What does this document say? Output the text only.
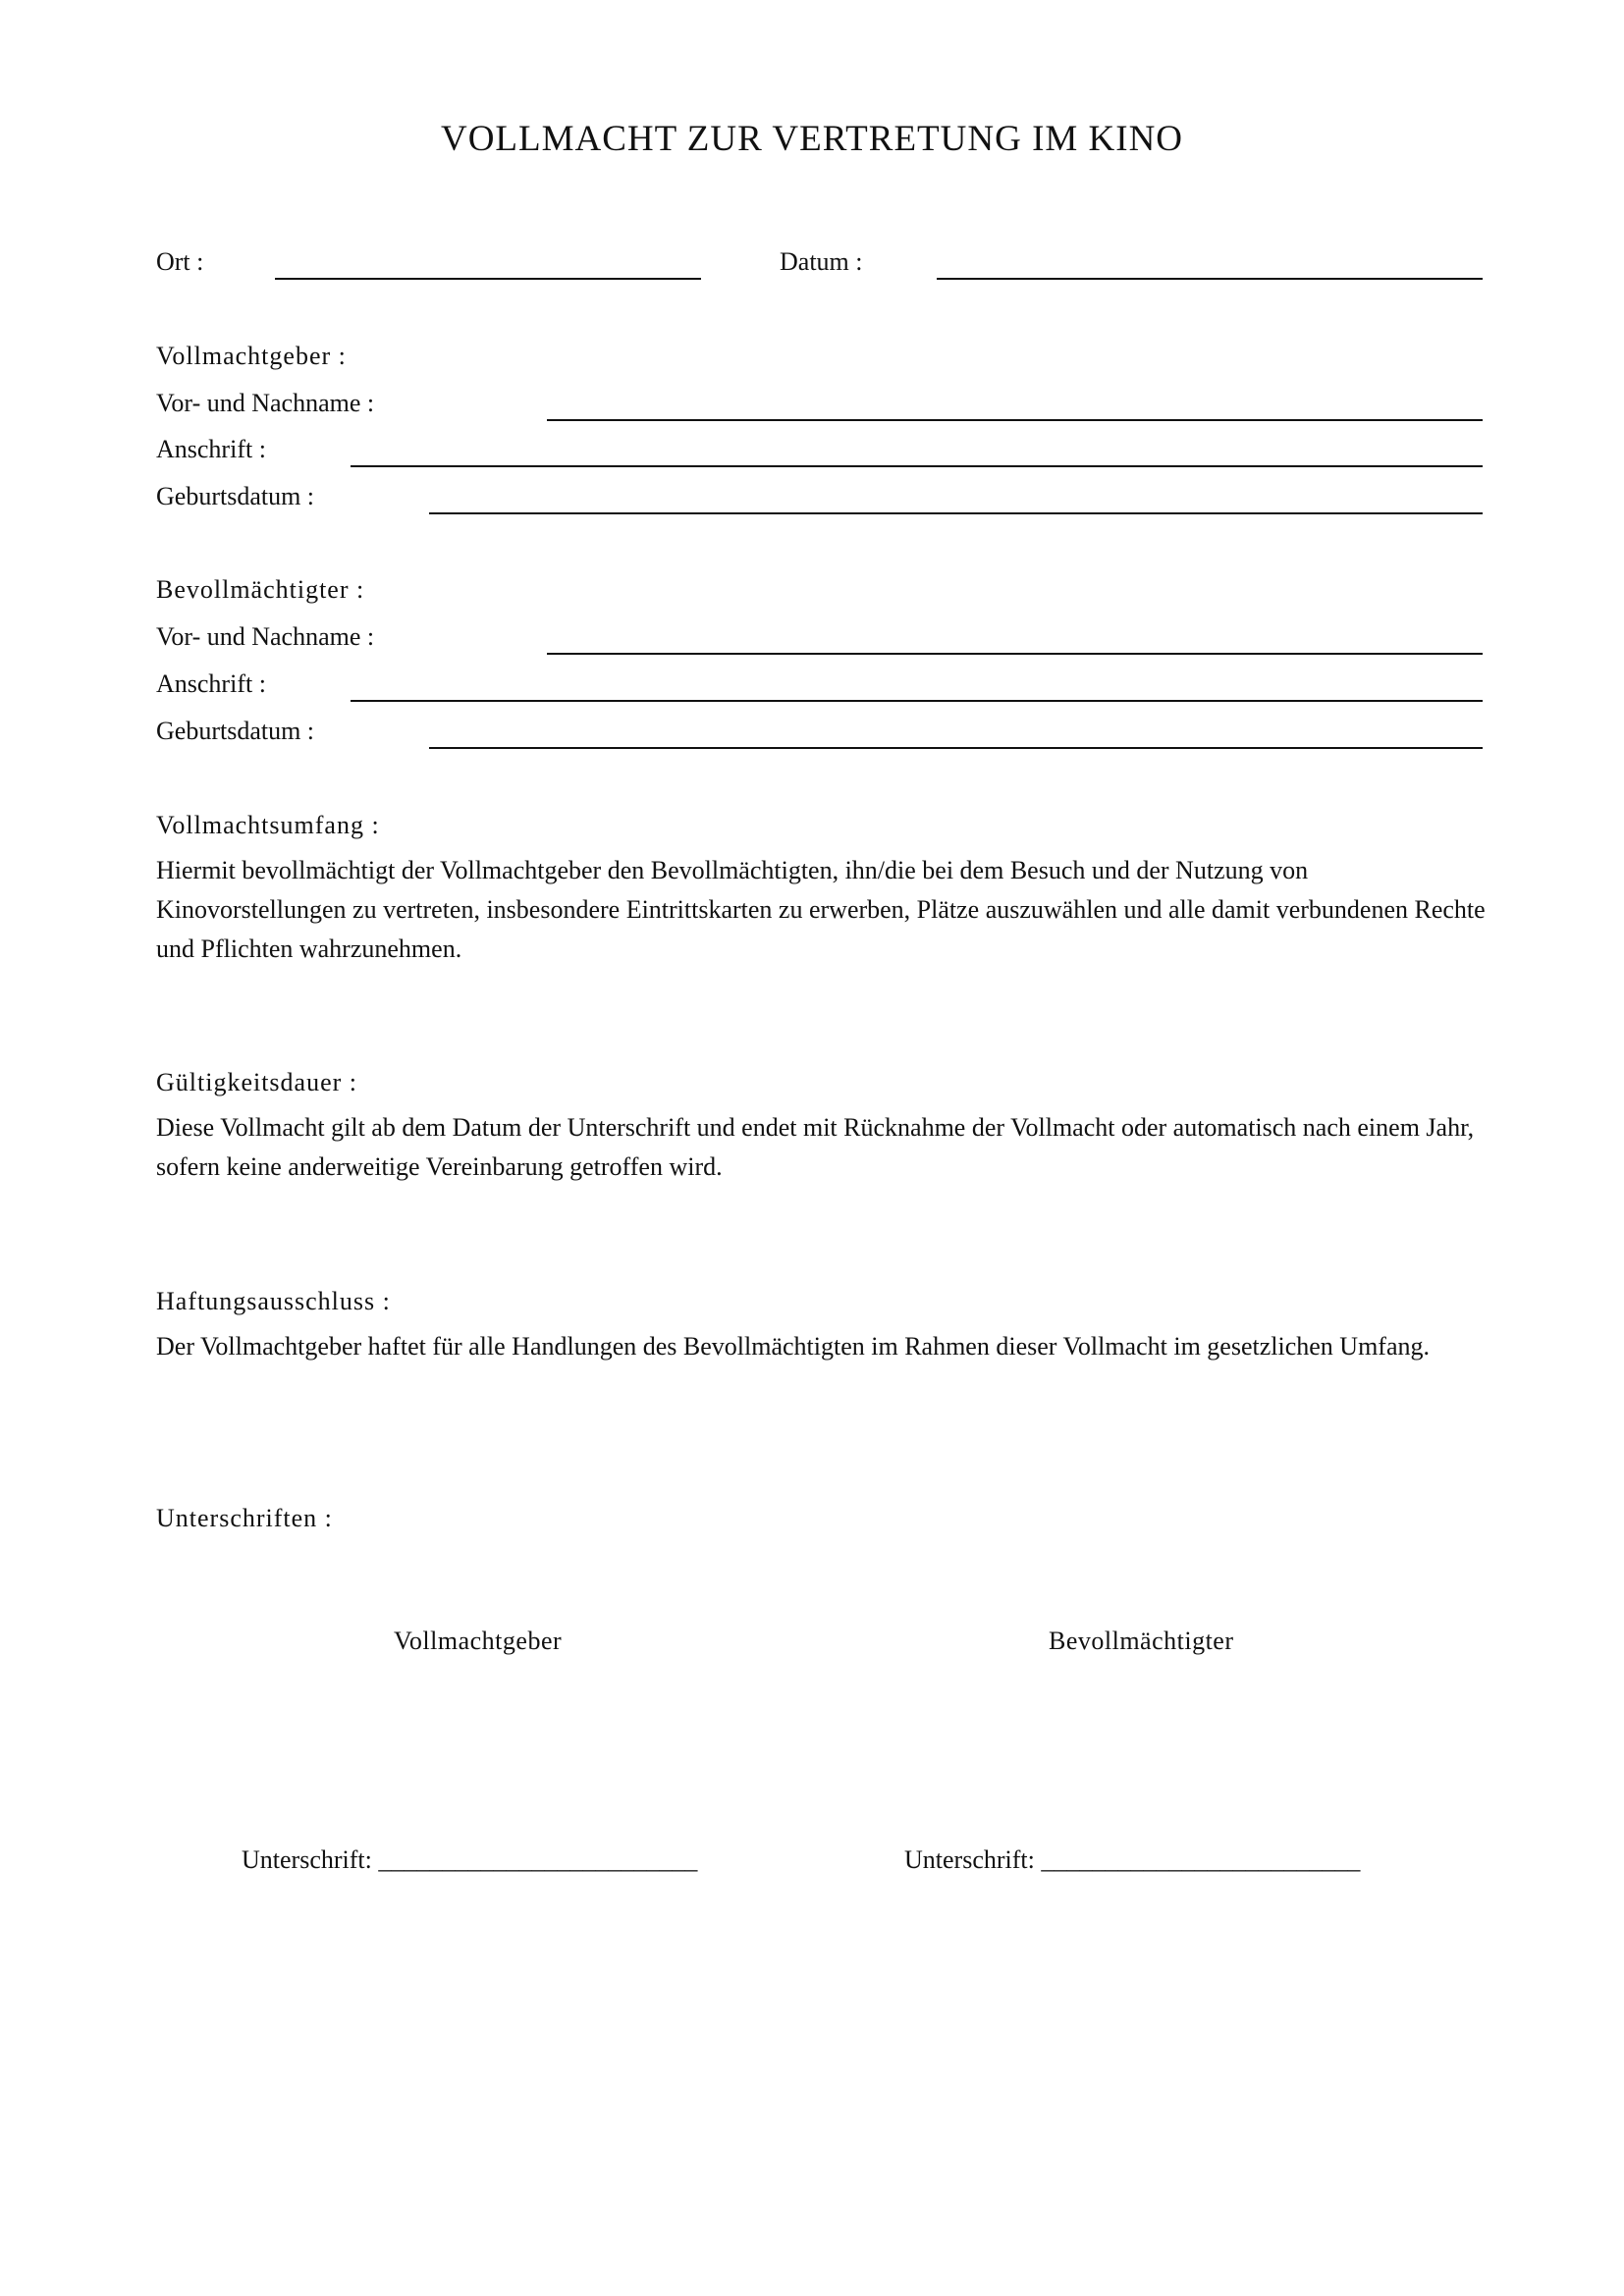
VOLLMACHT ZUR VERTRETUNG IM KINO
Ort :	Datum :
Vollmachtgeber :
Vor- und Nachname :
Anschrift :
Geburtsdatum :
Bevollmächtigter :
Vor- und Nachname :
Anschrift :
Geburtsdatum :
Vollmachtsumfang :
Hiermit bevollmächtigt der Vollmachtgeber den Bevollmächtigten, ihn/die bei dem Besuch und der Nutzung von Kinovorstellungen zu vertreten, insbesondere Eintrittskarten zu erwerben, Plätze auszuwählen und alle damit verbundenen Rechte und Pflichten wahrzunehmen.
Gültigkeitsdauer :
Diese Vollmacht gilt ab dem Datum der Unterschrift und endet mit Rücknahme der Vollmacht oder automatisch nach einem Jahr, sofern keine anderweitige Vereinbarung getroffen wird.
Haftungsausschluss :
Der Vollmachtgeber haftet für alle Handlungen des Bevollmächtigten im Rahmen dieser Vollmacht im gesetzlichen Umfang.
Unterschriften :
Vollmachtgeber	Bevollmächtigter
Unterschrift: _________________________	Unterschrift: _________________________
